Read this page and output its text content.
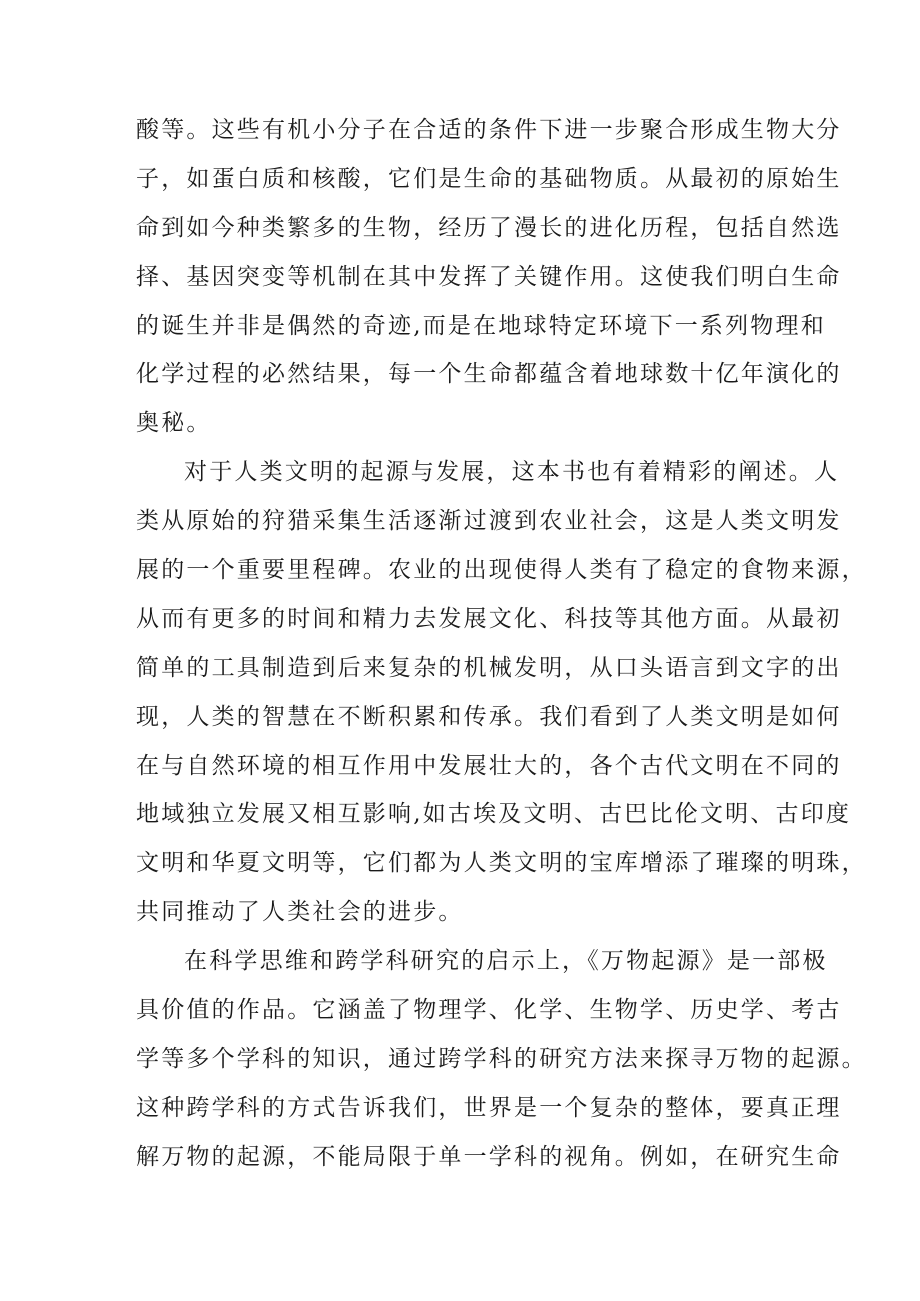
酸等。这些有机小分子在合适的条件下进一步聚合形成生物大分
子，如蛋白质和核酸，它们是生命的基础物质。从最初的原始生
命到如今种类繁多的生物，经历了漫长的进化历程，包括自然选
择、基因突变等机制在其中发挥了关键作用。这使我们明白生命
的诞生并非是偶然的奇迹,而是在地球特定环境下一系列物理和
化学过程的必然结果，每一个生命都蕴含着地球数十亿年演化的
奥秘。
对于人类文明的起源与发展，这本书也有着精彩的阐述。人
类从原始的狩猎采集生活逐渐过渡到农业社会，这是人类文明发
展的一个重要里程碑。农业的出现使得人类有了稳定的食物来源，
从而有更多的时间和精力去发展文化、科技等其他方面。从最初
简单的工具制造到后来复杂的机械发明，从口头语言到文字的出
现，人类的智慧在不断积累和传承。我们看到了人类文明是如何
在与自然环境的相互作用中发展壮大的，各个古代文明在不同的
地域独立发展又相互影响,如古埃及文明、古巴比伦文明、古印度
文明和华夏文明等，它们都为人类文明的宝库增添了璀璨的明珠，
共同推动了人类社会的进步。
在科学思维和跨学科研究的启示上，《万物起源》是一部极
具价值的作品。它涵盖了物理学、化学、生物学、历史学、考古
学等多个学科的知识，通过跨学科的研究方法来探寻万物的起源。
这种跨学科的方式告诉我们，世界是一个复杂的整体，要真正理
解万物的起源，不能局限于单一学科的视角。例如，在研究生命
